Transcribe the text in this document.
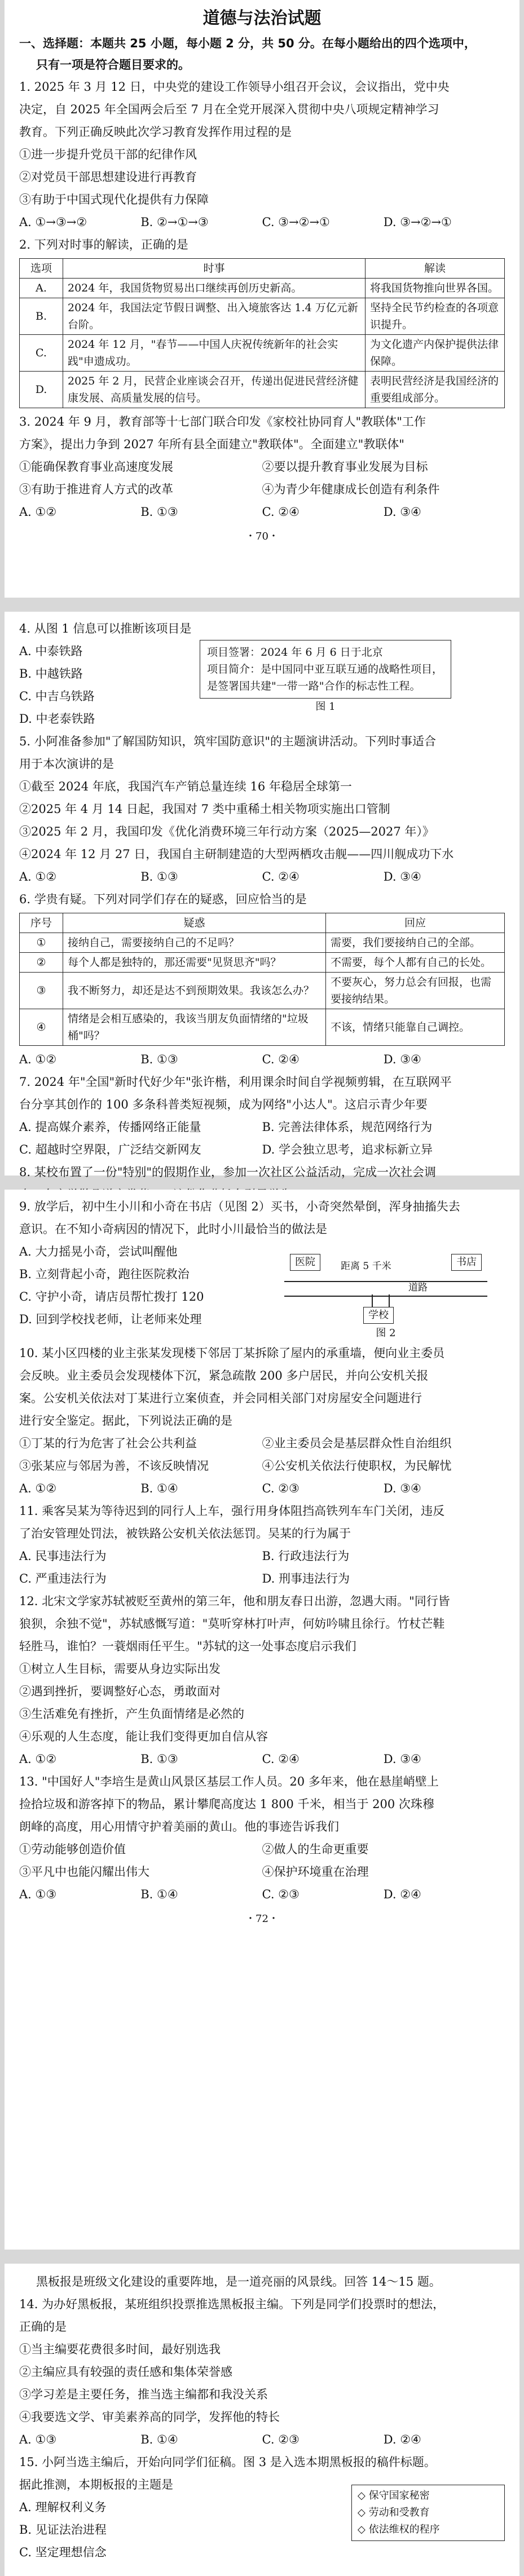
道德与法治试题
一、选择题：本题共 25 小题，每小题 2 分，共 50 分。在每小题给出的四个选项中，
只有一项是符合题目要求的。

1. 2025 年 3 月 12 日，中央党的建设工作领导小组召开会议，会议指出，党中央

决定，自 2025 年全国两会后至 7 月在全党开展深入贯彻中央八项规定精神学习

教育。下列正确反映此次学习教育发挥作用过程的是

①进一步提升党员干部的纪律作风

②对党员干部思想建设进行再教育

③有助于中国式现代化提供有力保障

A. ①→③→②	B. ②→①→③	C. ③→②→①	D. ③→②→①

2. 下列对时事的解读，正确的是

选项	时事	解读
A.	2024 年，我国货物贸易出口继续再创历史新高。	将我国货物推向世界各国。
B.	2024 年，我国法定节假日调整、出入境旅客达 1.4 万亿元新台阶。	坚持全民节约检查的各项意识提升。
C.	2024 年 12 月，"春节——中国人庆祝传统新年的社会实践"申遗成功。	为文化遗产内保护提供法律保障。
D.	2025 年 2 月，民营企业座谈会召开，传递出促进民营经济健康发展、高质量发展的信号。	表明民营经济是我国经济的重要组成部分。

3. 2024 年 9 月，教育部等十七部门联合印发《家校社协同育人"教联体"工作

方案》，提出力争到 2027 年所有县全面建立"教联体"。全面建立"教联体"

①能确保教育事业高速度发展	②要以提升教育事业发展为目标
③有助于推进育人方式的改革	④为青少年健康成长创造有利条件
A. ①②	B. ①③	C. ②④	D. ③④
・70・

4. 从图 1 信息可以推断该项目是

A. 中泰铁路
B. 中越铁路
C. 中吉乌铁路
D. 中老泰铁路
项目签署：2024 年 6 月 6 日于北京
项目简介：是中国同中亚互联互通的战略性项目，是签署国共建"一带一路"合作的标志性工程。
图 1

5. 小阿准备参加"了解国防知识，筑牢国防意识"的主题演讲活动。下列时事适合

用于本次演讲的是

①截至 2024 年底，我国汽车产销总量连续 16 年稳居全球第一

②2025 年 4 月 14 日起，我国对 7 类中重稀土相关物项实施出口管制

③2025 年 2 月，我国印发《优化消费环境三年行动方案（2025—2027 年）》

④2024 年 12 月 27 日，我国自主研制建造的大型两栖攻击舰——四川舰成功下水

A. ①②	B. ①③	C. ②④	D. ③④

6. 学贵有疑。下列对同学们存在的疑惑，回应恰当的是

序号	疑惑	回应
①	接纳自己，需要接纳自己的不足吗？	需要，我们要接纳自己的全部。
②	每个人都是独特的，那还需要"见贤思齐"吗？	不需要，每个人都有自己的长处。
③	我不断努力，却还是达不到预期效果。我该怎么办？	不要灰心，努力总会有回报，也需要接纳结果。
④	情绪是会相互感染的，我该当朋友负面情绪的"垃圾桶"吗？	不该，情绪只能靠自己调控。
A. ①②	B. ①③	C. ②④	D. ③④

7. 2024 年"全国"新时代好少年"张许楷，利用课余时间自学视频剪辑，在互联网平

台分享其创作的 100 多条科普类短视频，成为网络"小达人"。这启示青少年要

A. 提高媒介素养，传播网络正能量	B. 完善法律体系，规范网络行为
C. 超越时空界限，广泛结交新网友	D. 学会独立思考，追求标新立异

8. 某校布置了一份"特别"的假期作业，参加一次社区公益活动，完成一次社会调

9. 放学后，初中生小川和小奇在书店（见图 2）买书，小奇突然晕倒，浑身抽搐失去

意识。在不知小奇病因的情况下，此时小川最恰当的做法是

A. 大力摇晃小奇，尝试叫醒他
B. 立刻背起小奇，跑往医院救治
C. 守护小奇，请店员帮忙拨打 120
D. 回到学校找老师，让老师来处理
医院	距离 5 千米	书店
道路
学校
图 2

10. 某小区四楼的业主张某发现楼下邻居丁某拆除了屋内的承重墙，便向业主委员

会反映。业主委员会发现楼体下沉，紧急疏散 200 多户居民，并向公安机关报

案。公安机关依法对丁某进行立案侦查，并会同相关部门对房屋安全问题进行

进行安全鉴定。据此，下列说法正确的是

①丁某的行为危害了社会公共利益	②业主委员会是基层群众性自治组织
③张某应与邻居为善，不该反映情况	④公安机关依法行使职权，为民解忧
A. ①②	B. ①④	C. ②③	D. ③④

11. 乘客吴某为等待迟到的同行人上车，强行用身体阻挡高铁列车车门关闭，违反

了治安管理处罚法，被铁路公安机关依法惩罚。吴某的行为属于

A. 民事违法行为	B. 行政违法行为
C. 严重违法行为	D. 刑事违法行为

12. 北宋文学家苏轼被贬至黄州的第三年，他和朋友春日出游，忽遇大雨。"同行皆

狼狈，余独不觉"，苏轼感慨写道："莫听穿林打叶声，何妨吟啸且徐行。竹杖芒鞋

轻胜马，谁怕？一蓑烟雨任平生。"苏轼的这一处事态度启示我们

①树立人生目标，需要从身边实际出发

②遇到挫折，要调整好心态，勇敢面对

③生活难免有挫折，产生负面情绪是必然的

④乐观的人生态度，能让我们变得更加自信从容

A. ①②	B. ①③	C. ②④	D. ③④

13. "中国好人"李培生是黄山风景区基层工作人员。20 多年来，他在悬崖峭壁上

捡拾垃圾和游客掉下的物品，累计攀爬高度达 1 800 千米，相当于 200 次珠穆

朗峰的高度，用心用情守护着美丽的黄山。他的事迹告诉我们

①劳动能够创造价值	②做人的生命更重要
③平凡中也能闪耀出伟大	④保护环境重在治理
A. ①③	B. ①④	C. ②③	D. ②④
・72・

黑板报是班级文化建设的重要阵地，是一道亮丽的风景线。回答 14～15 题。

14. 为办好黑板报，某班组织投票推选黑板报主编。下列是同学们投票时的想法，

正确的是

①当主编要花费很多时间，最好别选我

②主编应具有较强的责任感和集体荣誉感

③学习差是主要任务，推当选主编都和我没关系

④我要选文学、审美素养高的同学，发挥他的特长

A. ①③	B. ①④	C. ②③	D. ②④

15. 小阿当选主编后，开始向同学们征稿。图 3 是入选本期黑板报的稿件标题。

据此推测，本期板报的主题是

A. 理解权利义务
B. 见证法治进程
C. 坚定理想信念
◇ 保守国家秘密
◇ 劳动和受教育
◇ 依法维权的程序
